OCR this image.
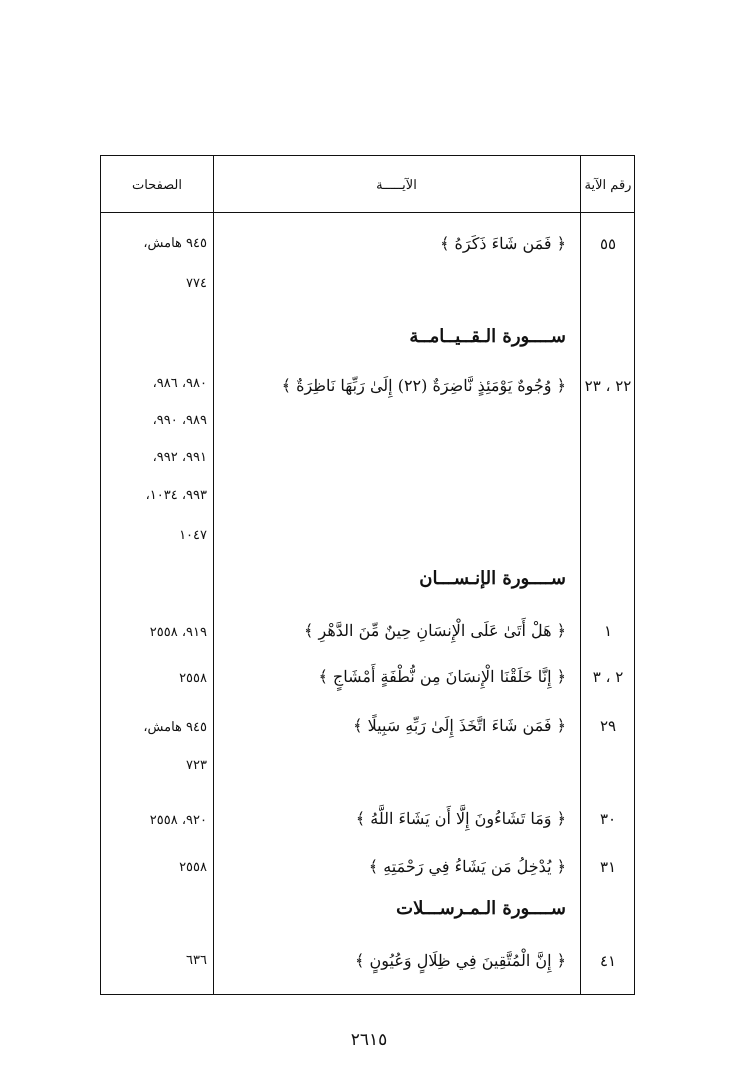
رقم الآية
الآيـــــة
الصفحات
٥٥
﴿ فَمَن شَاءَ ذَكَرَهُ ﴾
٩٤٥ هامش،
٧٧٤
ســــورة الـقــيــامــة
٢٢ ، ٢٣
﴿ وُجُوهٌ يَوْمَئِذٍ نَّاضِرَةٌ (٢٢) إِلَىٰ رَبِّهَا نَاظِرَةٌ ﴾
٩٨٠، ٩٨٦،
٩٨٩، ٩٩٠،
٩٩١، ٩٩٢،
٩٩٣، ١٠٣٤،
١٠٤٧
ســــورة الإنـســـان
١
﴿ هَلْ أَتَىٰ عَلَى الْإِنسَانِ حِينٌ مِّنَ الدَّهْرِ ﴾
٩١٩، ٢٥٥٨
٢ ، ٣
﴿ إِنَّا خَلَقْنَا الْإِنسَانَ مِن نُّطْفَةٍ أَمْشَاجٍ ﴾
٢٥٥٨
٢٩
﴿ فَمَن شَاءَ اتَّخَذَ إِلَىٰ رَبِّهِ سَبِيلًا ﴾
٩٤٥ هامش،
٧٢٣
٣٠
﴿ وَمَا تَشَاءُونَ إِلَّا أَن يَشَاءَ اللَّهُ ﴾
٩٢٠، ٢٥٥٨
٣١
﴿ يُدْخِلُ مَن يَشَاءُ فِي رَحْمَتِهِ ﴾
٢٥٥٨
ســــورة الـمـرســـلات
٤١
﴿ إِنَّ الْمُتَّقِينَ فِي ظِلَالٍ وَعُيُونٍ ﴾
٦٣٦
٢٦١٥
